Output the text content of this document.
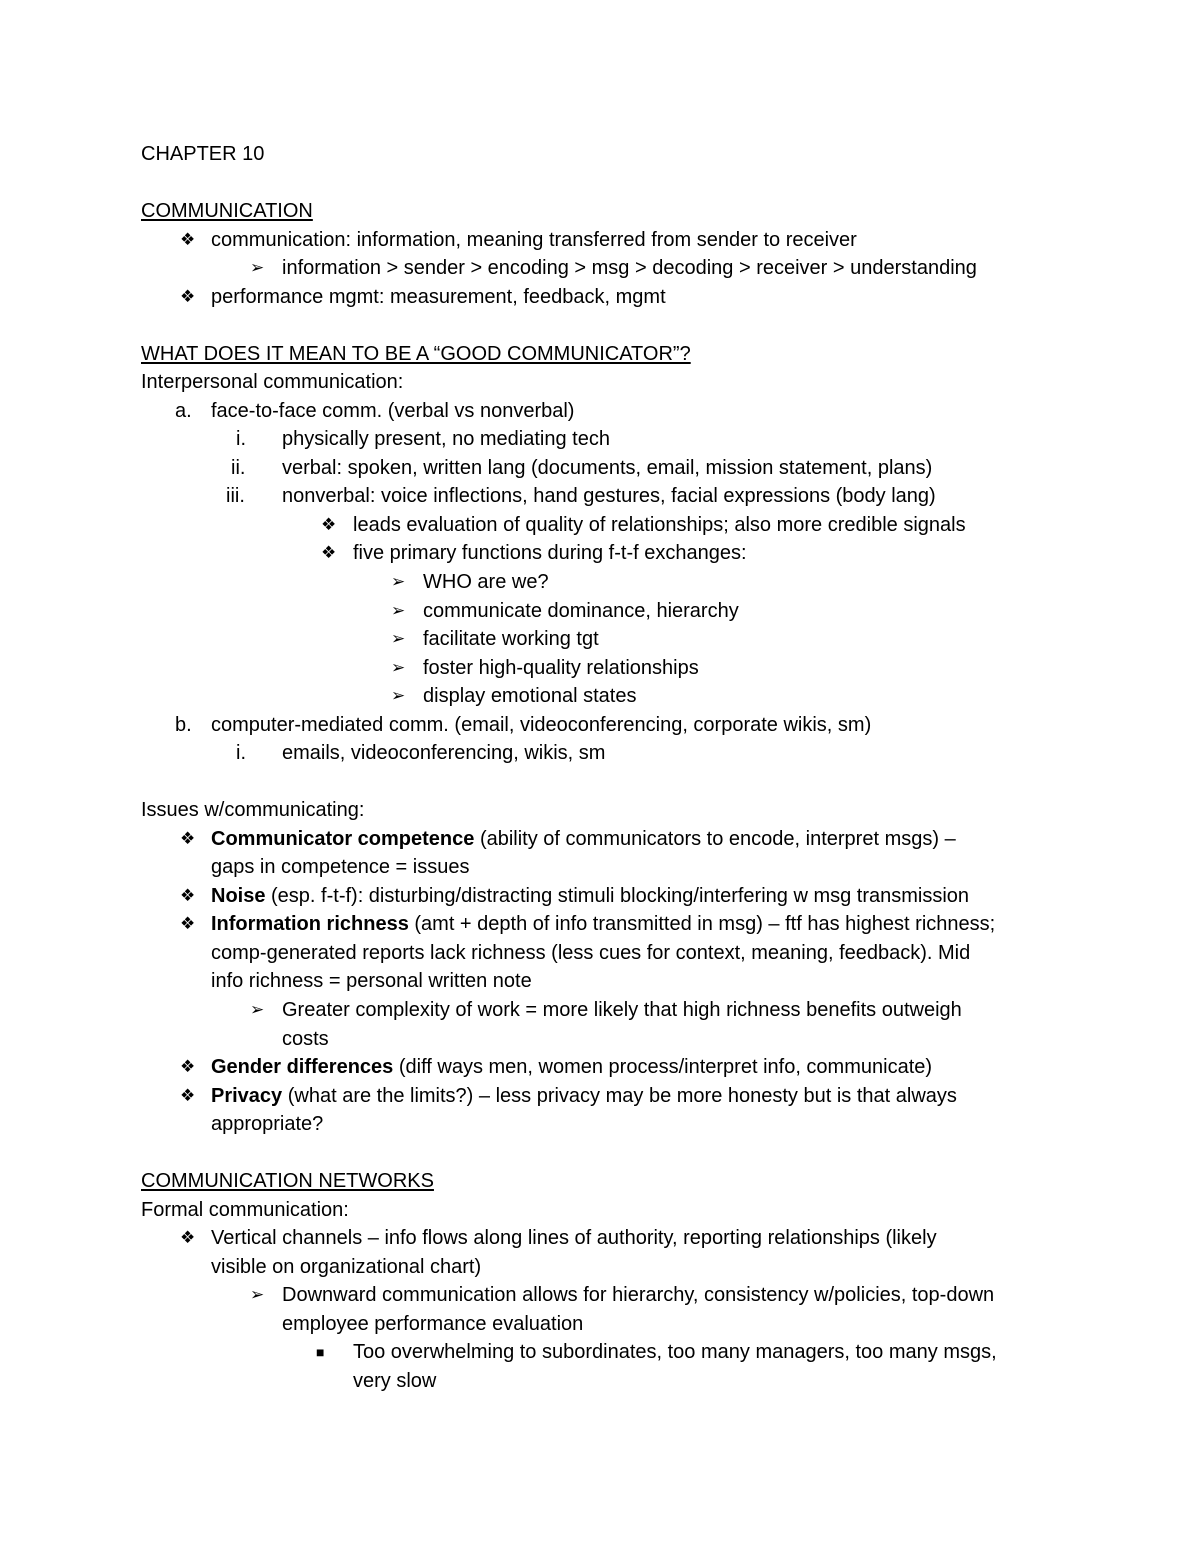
CHAPTER 10
COMMUNICATION
❖ communication: information, meaning transferred from sender to receiver
➢ information > sender > encoding > msg > decoding > receiver > understanding
❖ performance mgmt: measurement, feedback, mgmt
WHAT DOES IT MEAN TO BE A “GOOD COMMUNICATOR”?
Interpersonal communication:
a. face-to-face comm. (verbal vs nonverbal)
i. physically present, no mediating tech
ii. verbal: spoken, written lang (documents, email, mission statement, plans)
iii. nonverbal: voice inflections, hand gestures, facial expressions (body lang)
❖ leads evaluation of quality of relationships; also more credible signals
❖ five primary functions during f-t-f exchanges:
➢ WHO are we?
➢ communicate dominance, hierarchy
➢ facilitate working tgt
➢ foster high-quality relationships
➢ display emotional states
b. computer-mediated comm. (email, videoconferencing, corporate wikis, sm)
i. emails, videoconferencing, wikis, sm
Issues w/communicating:
❖ Communicator competence (ability of communicators to encode, interpret msgs) –
gaps in competence = issues
❖ Noise (esp. f-t-f): disturbing/distracting stimuli blocking/interfering w msg transmission
❖ Information richness (amt + depth of info transmitted in msg) – ftf has highest richness;
comp-generated reports lack richness (less cues for context, meaning, feedback). Mid
info richness = personal written note
➢ Greater complexity of work = more likely that high richness benefits outweigh
costs
❖ Gender differences (diff ways men, women process/interpret info, communicate)
❖ Privacy (what are the limits?) – less privacy may be more honesty but is that always
appropriate?
COMMUNICATION NETWORKS
Formal communication:
❖ Vertical channels – info flows along lines of authority, reporting relationships (likely
visible on organizational chart)
➢ Downward communication allows for hierarchy, consistency w/policies, top-down
employee performance evaluation
■ Too overwhelming to subordinates, too many managers, too many msgs,
very slow
